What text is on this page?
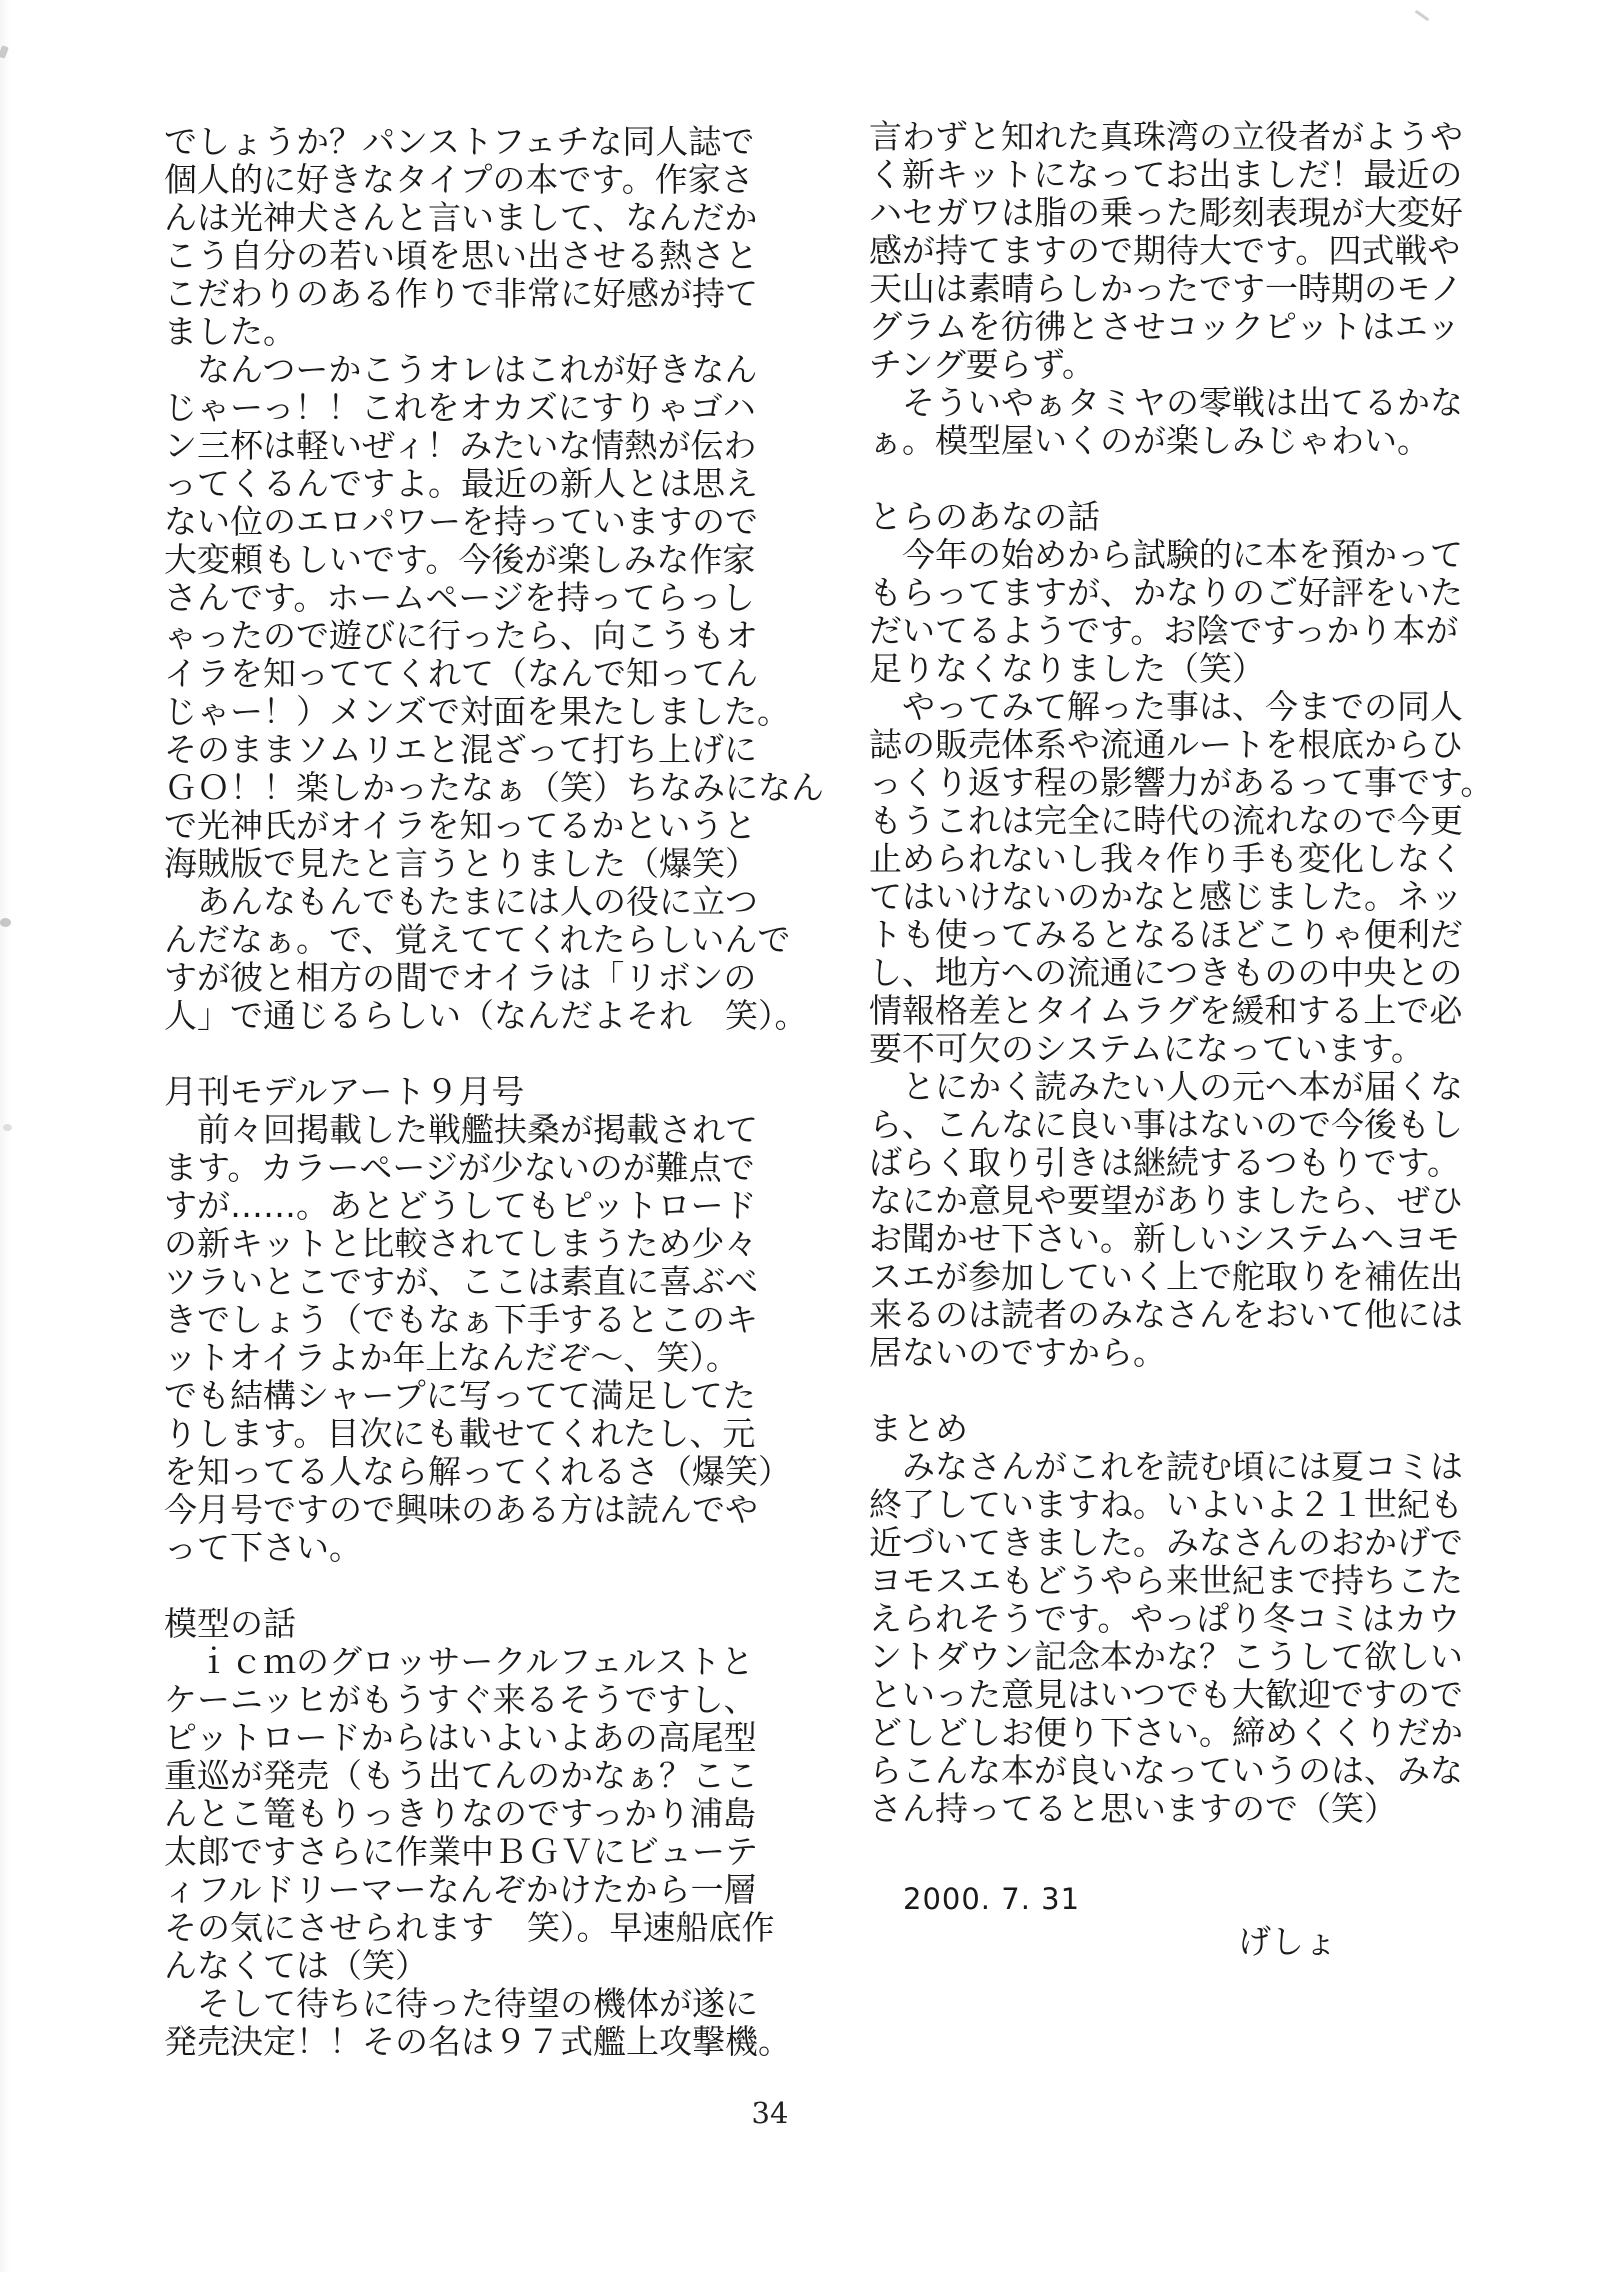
でしょうか？パンストフェチな同人誌で
個人的に好きなタイプの本です。作家さ
んは光神犬さんと言いまして、なんだか
こう自分の若い頃を思い出させる熱さと
こだわりのある作りで非常に好感が持て
ました。
　なんつーかこうオレはこれが好きなん
じゃーっ！！これをオカズにすりゃゴハ
ン三杯は軽いぜィ！みたいな情熱が伝わ
ってくるんですよ。最近の新人とは思え
ない位のエロパワーを持っていますので
大変頼もしいです。今後が楽しみな作家
さんです。ホームページを持ってらっし
ゃったので遊びに行ったら、向こうもオ
イラを知っててくれて（なんで知ってん
じゃー！）メンズで対面を果たしました。
そのままソムリエと混ざって打ち上げに
ＧＯ！！楽しかったなぁ（笑）ちなみになん
で光神氏がオイラを知ってるかというと
海賊版で見たと言うとりました（爆笑）
　あんなもんでもたまには人の役に立つ
んだなぁ。で、覚えててくれたらしいんで
すが彼と相方の間でオイラは「リボンの
人」で通じるらしい（なんだよそれ　笑）。
月刊モデルアート９月号
　前々回掲載した戦艦扶桑が掲載されて
ます。カラーページが少ないのが難点で
すが……。あとどうしてもピットロード
の新キットと比較されてしまうため少々
ツラいとこですが、ここは素直に喜ぶべ
きでしょう（でもなぁ下手するとこのキ
ットオイラよか年上なんだぞ～、笑）。
でも結構シャープに写ってて満足してた
りします。目次にも載せてくれたし、元
を知ってる人なら解ってくれるさ（爆笑）
今月号ですので興味のある方は読んでや
って下さい。
模型の話
　ｉｃｍのグロッサークルフェルストと
ケーニッヒがもうすぐ来るそうですし、
ピットロードからはいよいよあの高尾型
重巡が発売（もう出てんのかなぁ？ここ
んとこ篭もりっきりなのですっかり浦島
太郎ですさらに作業中ＢＧＶにビューテ
ィフルドリーマーなんぞかけたから一層
その気にさせられます　笑）。早速船底作
んなくては（笑）
　そして待ちに待った待望の機体が遂に
発売決定！！その名は９７式艦上攻撃機。
言わずと知れた真珠湾の立役者がようや
く新キットになってお出ましだ！最近の
ハセガワは脂の乗った彫刻表現が大変好
感が持てますので期待大です。四式戦や
天山は素晴らしかったです一時期のモノ
グラムを彷彿とさせコックピットはエッ
チング要らず。
　そういやぁタミヤの零戦は出てるかな
ぁ。模型屋いくのが楽しみじゃわい。
とらのあなの話
　今年の始めから試験的に本を預かって
もらってますが、かなりのご好評をいた
だいてるようです。お陰ですっかり本が
足りなくなりました（笑）
　やってみて解った事は、今までの同人
誌の販売体系や流通ルートを根底からひ
っくり返す程の影響力があるって事です。
もうこれは完全に時代の流れなので今更
止められないし我々作り手も変化しなく
てはいけないのかなと感じました。ネッ
トも使ってみるとなるほどこりゃ便利だ
し、地方への流通につきものの中央との
情報格差とタイムラグを緩和する上で必
要不可欠のシステムになっています。
　とにかく読みたい人の元へ本が届くな
ら、こんなに良い事はないので今後もし
ばらく取り引きは継続するつもりです。
なにか意見や要望がありましたら、ぜひ
お聞かせ下さい。新しいシステムへヨモ
スエが参加していく上で舵取りを補佐出
来るのは読者のみなさんをおいて他には
居ないのですから。
まとめ
　みなさんがこれを読む頃には夏コミは
終了していますね。いよいよ２１世紀も
近づいてきました。みなさんのおかげで
ヨモスエもどうやら来世紀まで持ちこた
えられそうです。やっぱり冬コミはカウ
ントダウン記念本かな？こうして欲しい
といった意見はいつでも大歓迎ですので
どしどしお便り下さい。締めくくりだか
らこんな本が良いなっていうのは、みな
さん持ってると思いますので（笑）
2000. 7. 31
げしょ
34
